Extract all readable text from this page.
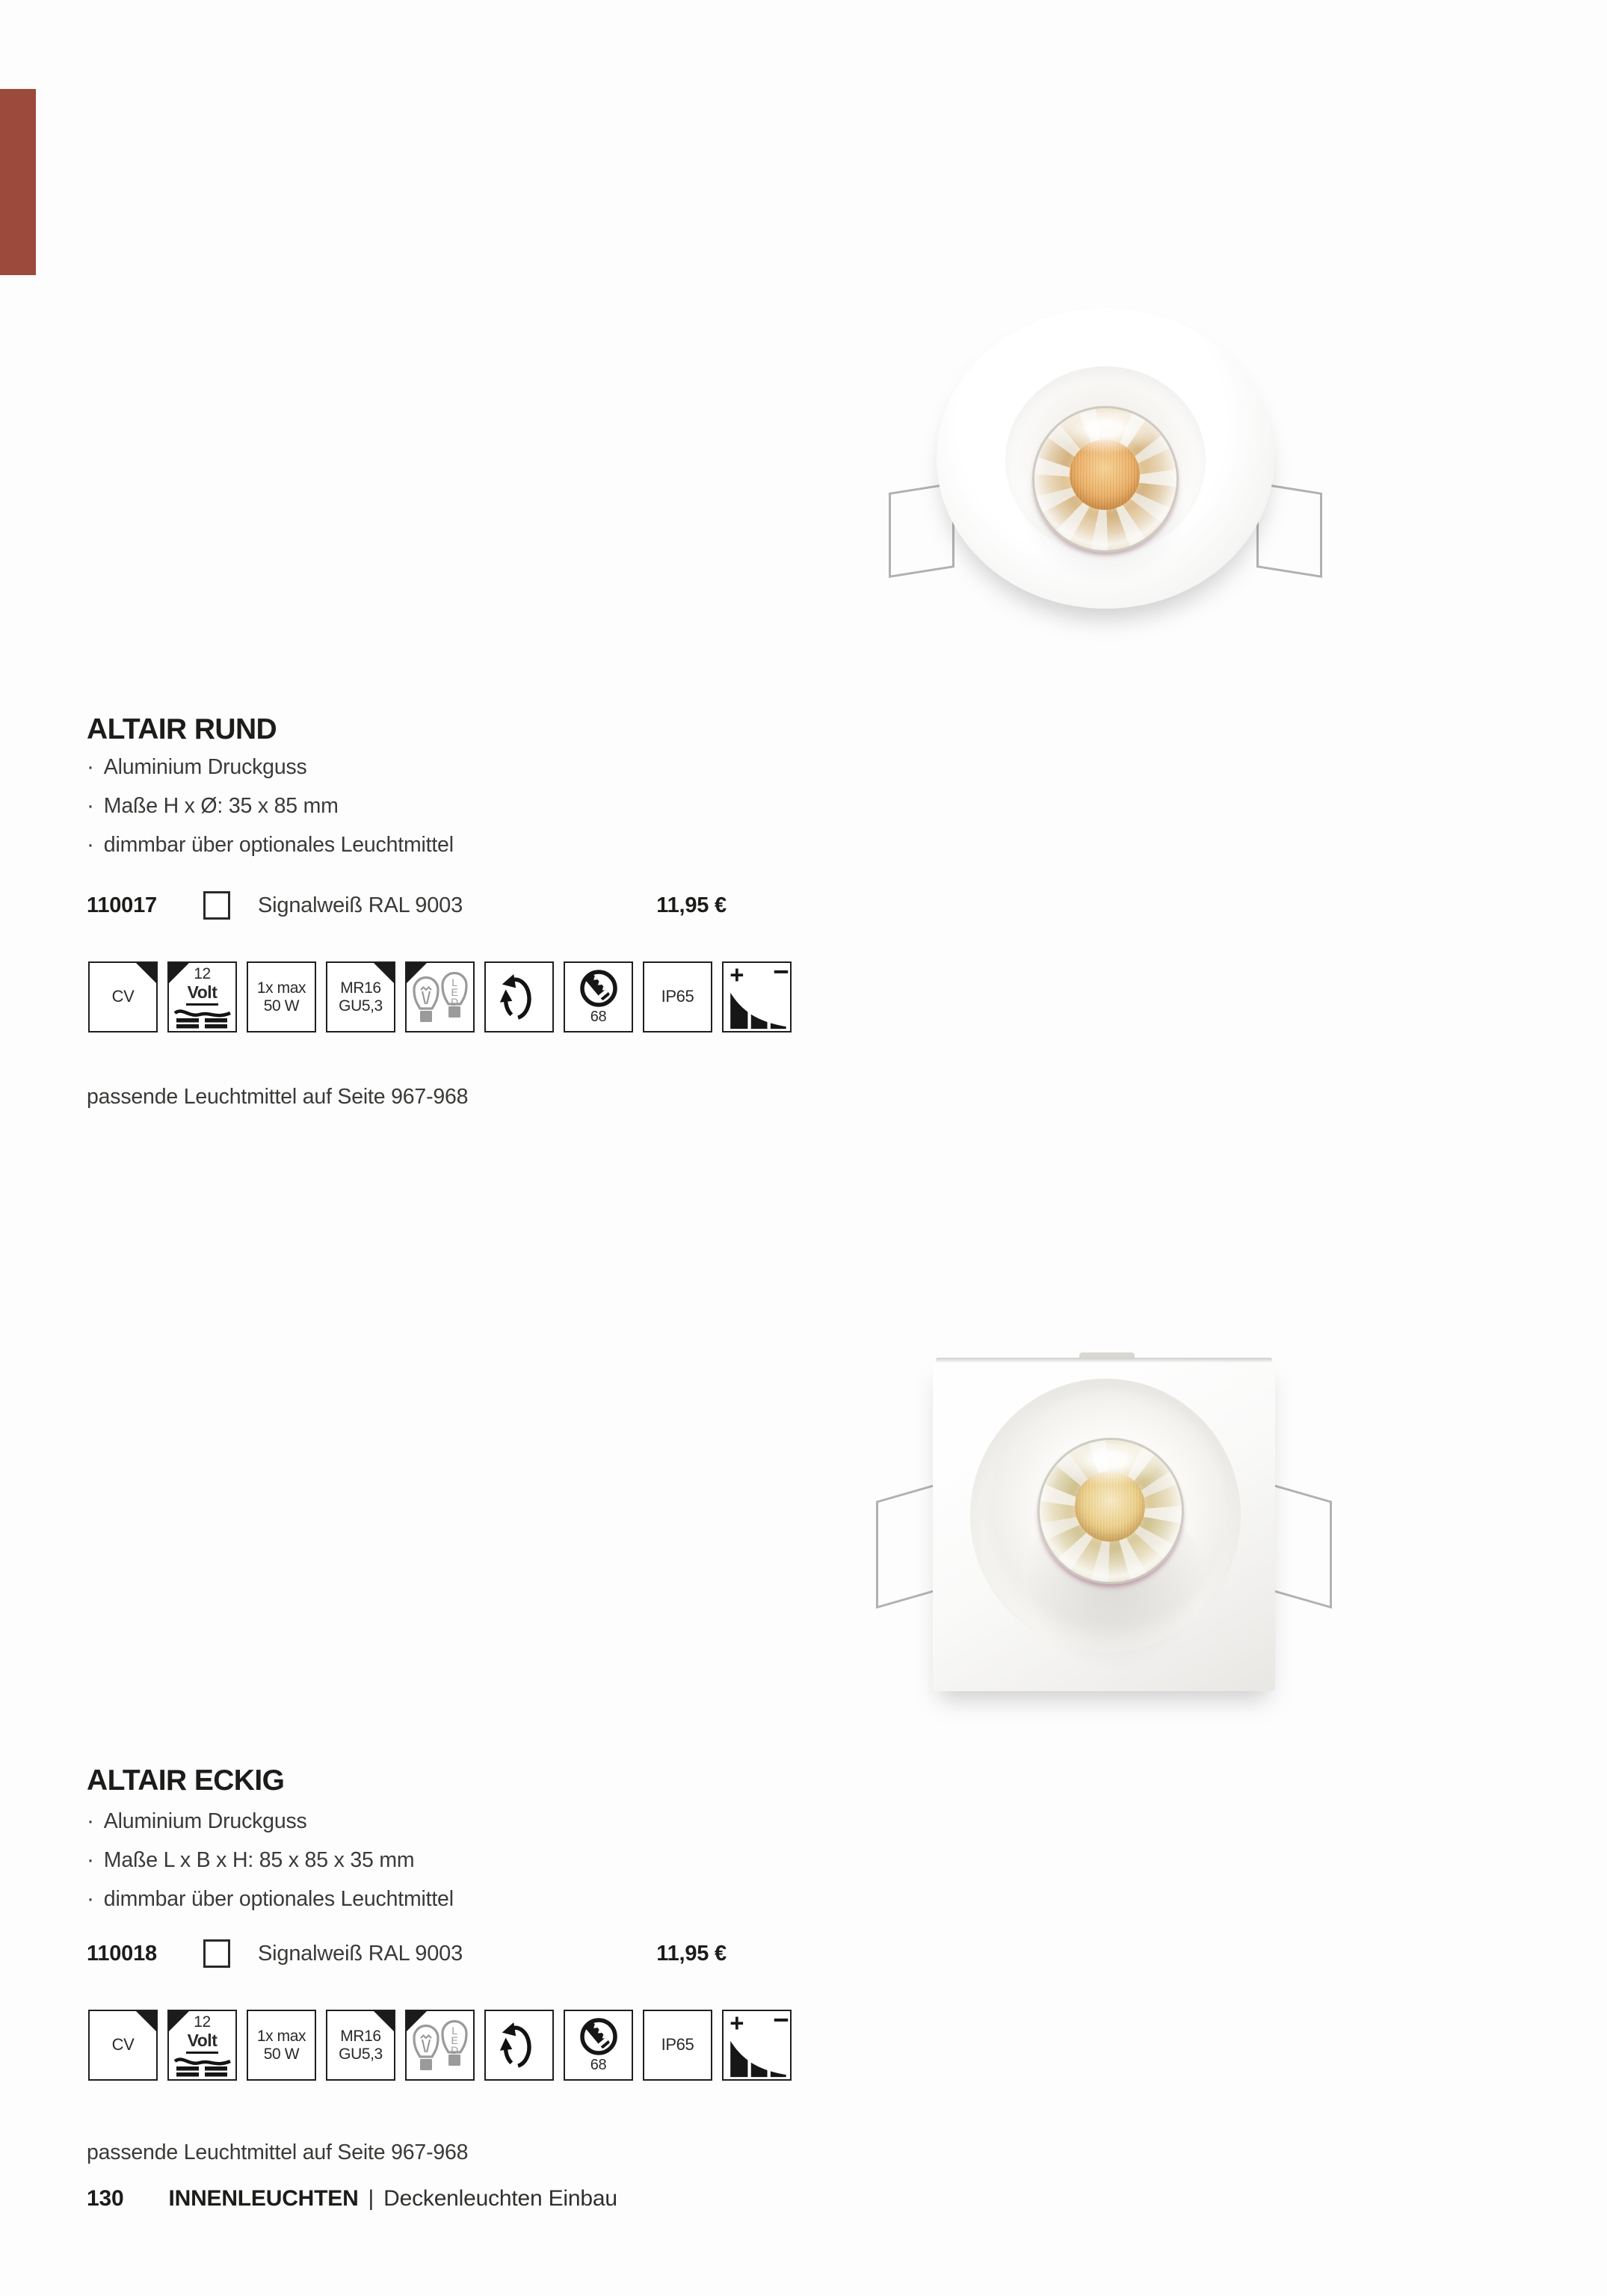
ALTAIR RUND
· Aluminium Druckguss
· Maße H x Ø: 35 x 85 mm
· dimmbar über optionales Leuchtmittel
110017	Signalweiß RAL 9003	11,95 €
CV
12
Volt	1x max
50 W
MR16
GU5,3
L
E
D
68
IP65
+ −

passende Leuchtmittel auf Seite 967-968

ALTAIR ECKIG
· Aluminium Druckguss
· Maße L x B x H: 85 x 85 x 35 mm
· dimmbar über optionales Leuchtmittel
110018	Signalweiß RAL 9003	11,95 €
CV
12
Volt	1x max
50 W
MR16
GU5,3
L
E
D
68
IP65
+ −

passende Leuchtmittel auf Seite 967-968

130 INNENLEUCHTEN | Deckenleuchten Einbau
